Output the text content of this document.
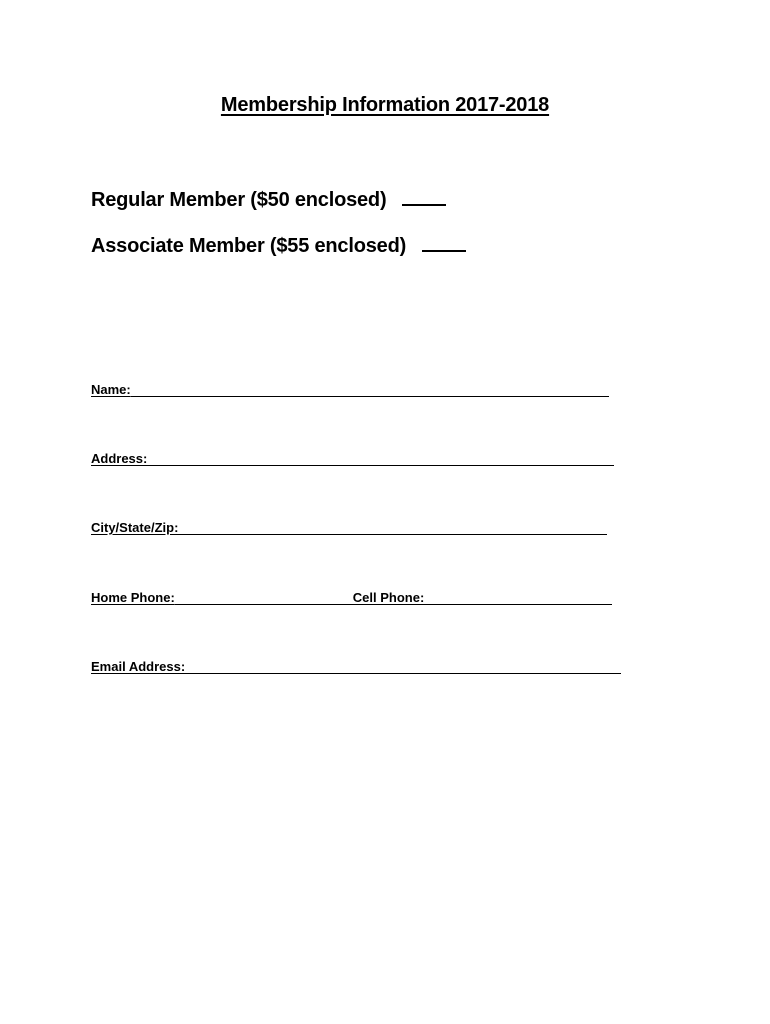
Membership Information 2017-2018
Regular Member ($50 enclosed)
Associate Member ($55 enclosed)
Name:
Address:
City/State/Zip:
Home Phone:	Cell Phone:
Email Address:
